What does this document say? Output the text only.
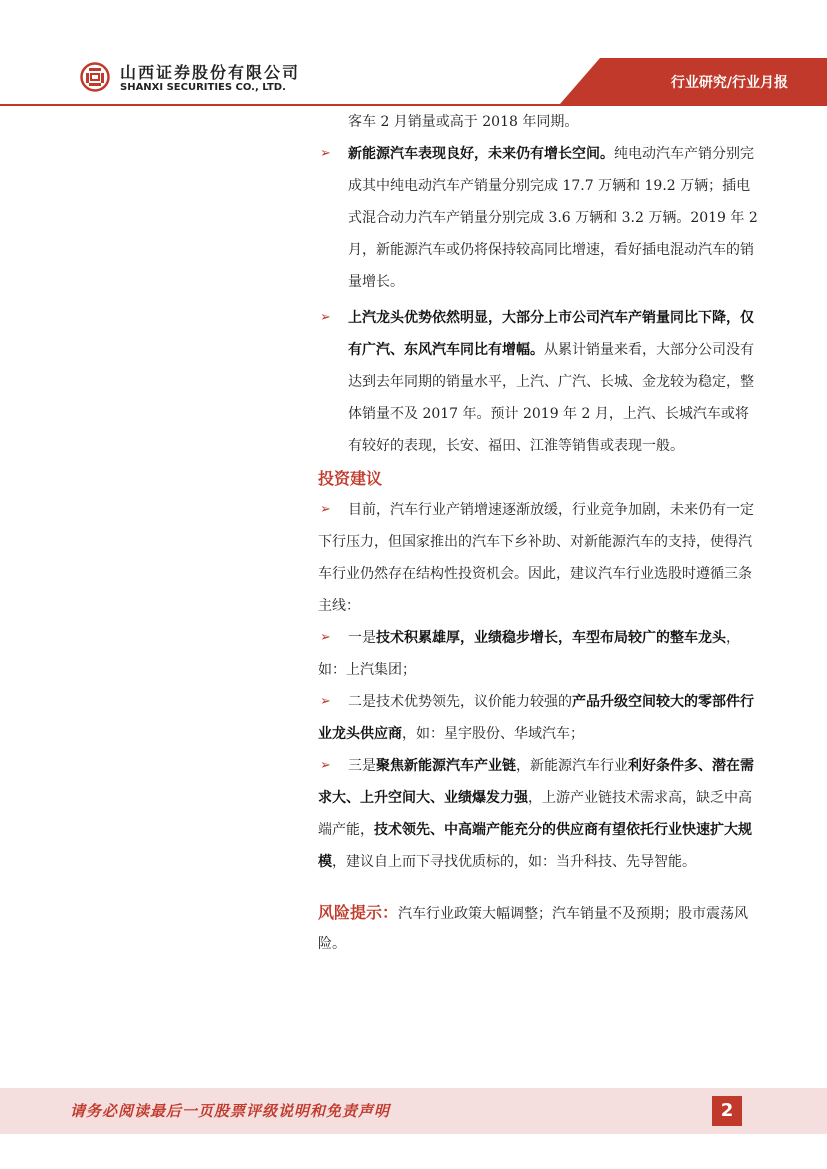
山西证券股份有限公司
SHANXI SECURITIES CO., LTD.	行业研究/行业月报

客车 2 月销量或高于 2018 年同期。

➢ 新能源汽车表现良好，未来仍有增长空间。纯电动汽车产销分别完成其中纯电动汽车产销量分别完成 17.7 万辆和 19.2 万辆；插电式混合动力汽车产销量分别完成 3.6 万辆和 3.2 万辆。2019 年 2 月，新能源汽车或仍将保持较高同比增速，看好插电混动汽车的销量增长。

➢ 上汽龙头优势依然明显，大部分上市公司汽车产销量同比下降，仅有广汽、东风汽车同比有增幅。从累计销量来看，大部分公司没有达到去年同期的销量水平，上汽、广汽、长城、金龙较为稳定，整体销量不及 2017 年。预计 2019 年 2 月，上汽、长城汽车或将有较好的表现，长安、福田、江淮等销售或表现一般。

投资建议

➢ 目前，汽车行业产销增速逐渐放缓，行业竞争加剧，未来仍有一定下行压力，但国家推出的汽车下乡补助、对新能源汽车的支持，使得汽车行业仍然存在结构性投资机会。因此，建议汽车行业选股时遵循三条主线：

➢ 一是技术积累雄厚，业绩稳步增长，车型布局较广的整车龙头，如：上汽集团；

➢ 二是技术优势领先，议价能力较强的产品升级空间较大的零部件行业龙头供应商，如：星宇股份、华域汽车；

➢ 三是聚焦新能源汽车产业链，新能源汽车行业利好条件多、潜在需求大、上升空间大、业绩爆发力强，上游产业链技术需求高，缺乏中高端产能，技术领先、中高端产能充分的供应商有望依托行业快速扩大规模，建议自上而下寻找优质标的，如：当升科技、先导智能。

风险提示：汽车行业政策大幅调整；汽车销量不及预期；股市震荡风险。

请务必阅读最后一页股票评级说明和免责声明	2
